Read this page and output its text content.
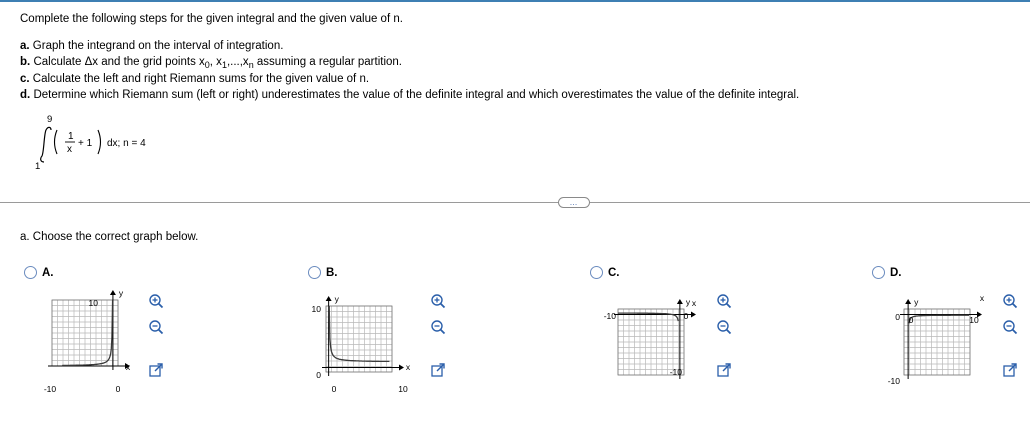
Complete the following steps for the given integral and the given value of n.
a. Graph the integrand on the interval of integration.
b. Calculate Δx and the grid points $x_0$, $x_1,...,x_n$ assuming a regular partition.
c. Calculate the left and right Riemann sums for the given value of n.
d. Determine which Riemann sum (left or right) underestimates the value of the definite integral and which overestimates the value of the definite integral.
9
1
x
+ 1 dx; n = 4
1
…
a. Choose the correct graph below.
A.
x
y
-10	0
10
B.
x
y
10
0
0	10
C.
x
y
-10	0
-10
D.
x
y
0 0	10
-10
